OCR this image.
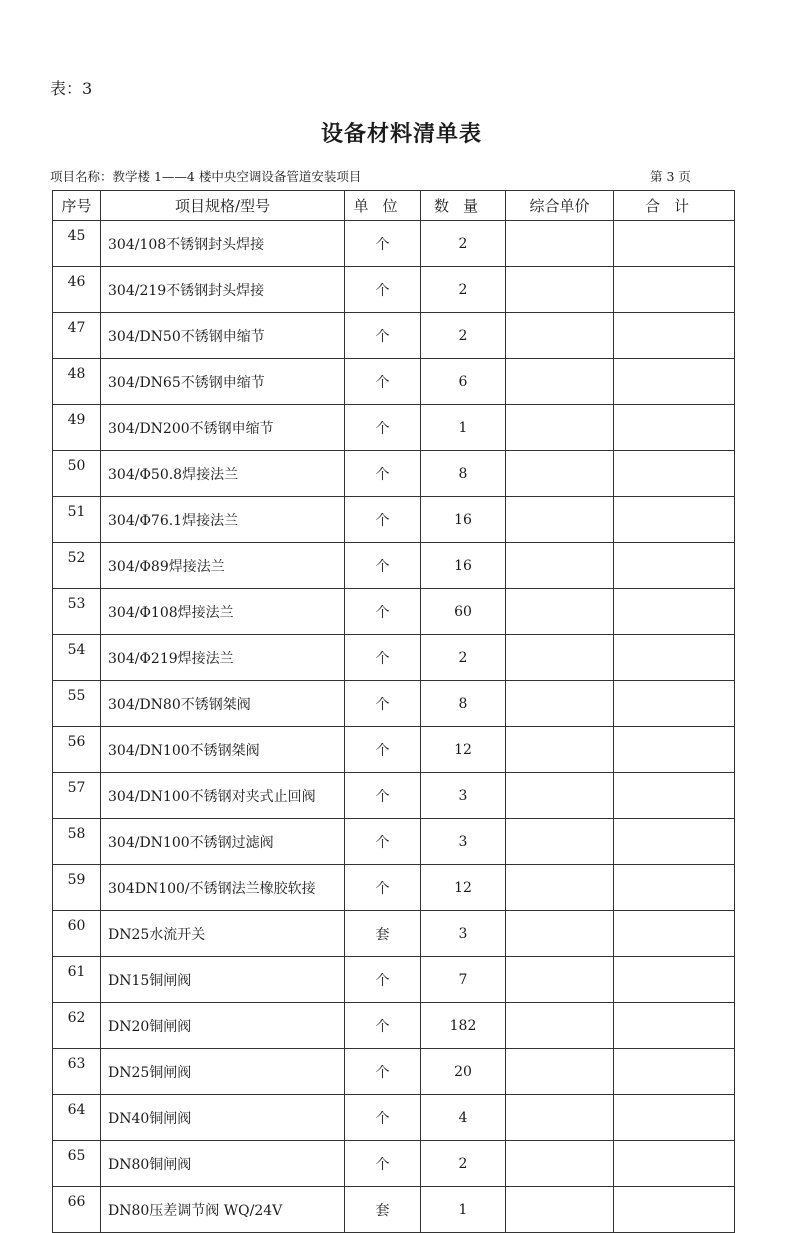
表：3
设备材料清单表
项目名称：教学楼 1——4 楼中央空调设备管道安装项目	第 3 页
序号	项目规格/型号	单位	数量	综合单价	合计
45	304/108不锈钢封头焊接	个	2		
46	304/219不锈钢封头焊接	个	2		
47	304/DN50不锈钢申缩节	个	2		
48	304/DN65不锈钢申缩节	个	6		
49	304/DN200不锈钢申缩节	个	1		
50	304/Φ50.8焊接法兰	个	8		
51	304/Φ76.1焊接法兰	个	16		
52	304/Φ89焊接法兰	个	16		
53	304/Φ108焊接法兰	个	60		
54	304/Φ219焊接法兰	个	2		
55	304/DN80不锈钢桀阀	个	8		
56	304/DN100不锈钢桀阀	个	12		
57	304/DN100不锈钢对夹式止回阀	个	3		
58	304/DN100不锈钢过滤阀	个	3		
59	304DN100/不锈钢法兰橡胶软接	个	12		
60	DN25水流开关	套	3		
61	DN15铜闸阀	个	7		
62	DN20铜闸阀	个	182		
63	DN25铜闸阀	个	20		
64	DN40铜闸阀	个	4		
65	DN80铜闸阀	个	2		
66	DN80压差调节阀 WQ/24V	套	1		
